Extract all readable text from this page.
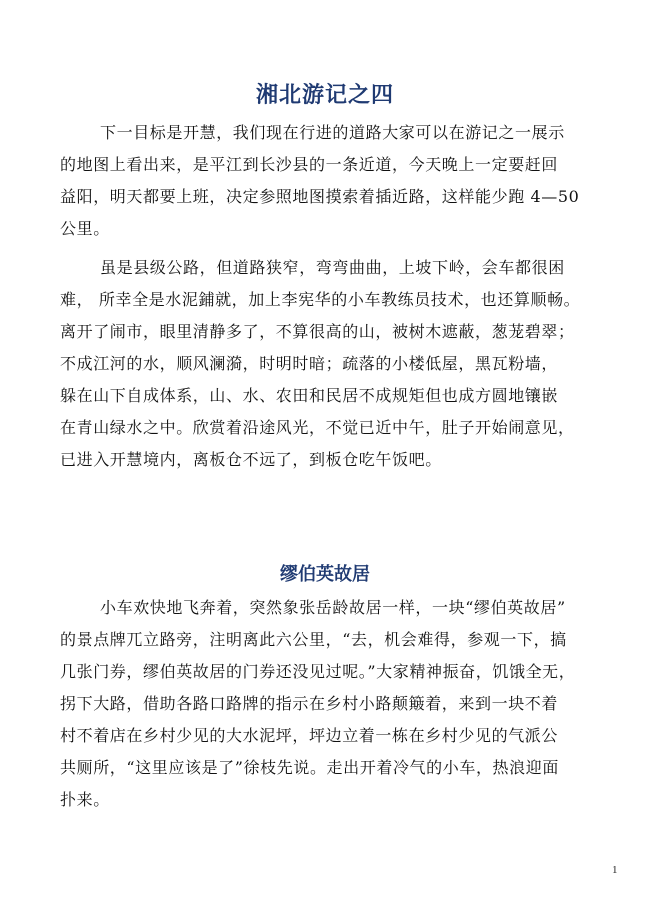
湘北游记之四
下一目标是开慧，我们现在行进的道路大家可以在游记之一展示
的地图上看出来，是平江到长沙县的一条近道，今天晚上一定要赶回
益阳，明天都要上班，决定参照地图摸索着插近路，这样能少跑 4—50
公里。
虽是县级公路，但道路狭窄，弯弯曲曲，上坡下岭，会车都很困
难， 所幸全是水泥鋪就，加上李宪华的小车教练员技术，也还算顺畅。
离开了闹市，眼里清静多了，不算很高的山，被树木遮蔽，葱茏碧翠；
不成江河的水，顺风澜漪，时明时暗；疏落的小楼低屋，黑瓦粉墙，
躲在山下自成体系，山、水、农田和民居不成规矩但也成方圆地镶嵌
在青山绿水之中。欣赏着沿途风光，不觉已近中午，肚子开始闹意见，
已进入开慧境内，离板仓不远了，到板仓吃午饭吧。
缪伯英故居
小车欢快地飞奔着，突然象张岳龄故居一样，一块“缪伯英故居”
的景点牌兀立路旁，注明离此六公里，“去，机会难得，参观一下，搞
几张门券，缪伯英故居的门券还没见过呢。”大家精神振奋，饥饿全无，
拐下大路，借助各路口路牌的指示在乡村小路颠簸着，来到一块不着
村不着店在乡村少见的大水泥坪，坪边立着一栋在乡村少见的气派公
共厕所，“这里应该是了”徐枝先说。走出开着冷气的小车，热浪迎面
扑来。
1
